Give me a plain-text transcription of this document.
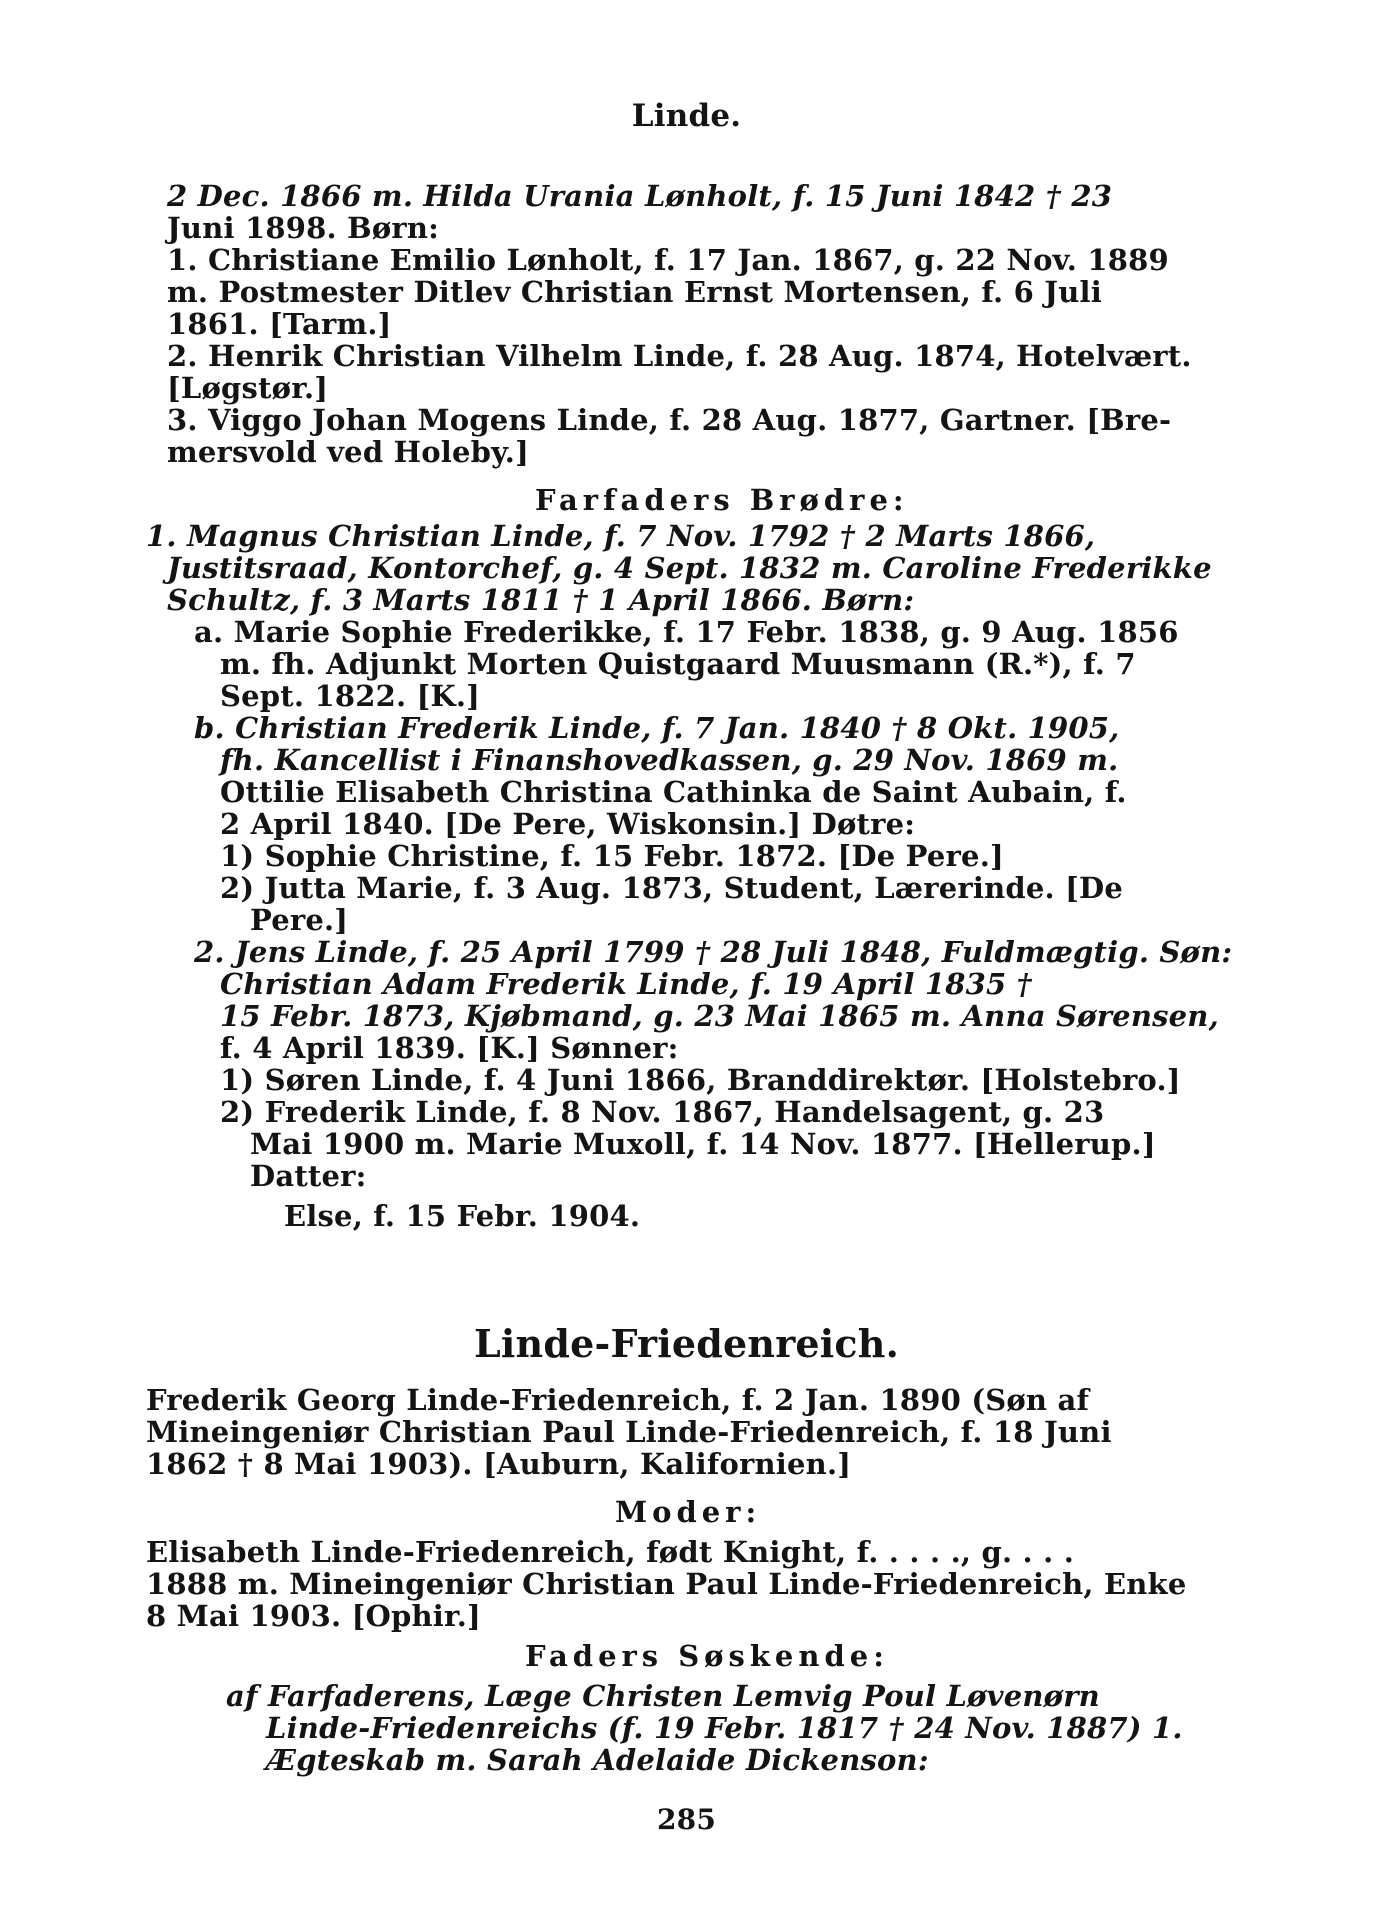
Linde.
2 Dec. 1866 m. Hilda Urania Lønholt, f. 15 Juni 1842 † 23
Juni 1898. Børn:
1. Christiane Emilio Lønholt, f. 17 Jan. 1867, g. 22 Nov. 1889
m. Postmester Ditlev Christian Ernst Mortensen, f. 6 Juli
1861. [Tarm.]
2. Henrik Christian Vilhelm Linde, f. 28 Aug. 1874, Hotelvært.
[Løgstør.]
3. Viggo Johan Mogens Linde, f. 28 Aug. 1877, Gartner. [Bre-
mersvold ved Holeby.]
Farfaders Brødre:
1. Magnus Christian Linde, f. 7 Nov. 1792 † 2 Marts 1866,
Justitsraad, Kontorchef, g. 4 Sept. 1832 m. Caroline Frederikke
Schultz, f. 3 Marts 1811 † 1 April 1866. Børn:
a. Marie Sophie Frederikke, f. 17 Febr. 1838, g. 9 Aug. 1856
m. fh. Adjunkt Morten Quistgaard Muusmann (R.*), f. 7
Sept. 1822. [K.]
b. Christian Frederik Linde, f. 7 Jan. 1840 † 8 Okt. 1905,
fh. Kancellist i Finanshovedkassen, g. 29 Nov. 1869 m.
Ottilie Elisabeth Christina Cathinka de Saint Aubain, f.
2 April 1840. [De Pere, Wiskonsin.] Døtre:
1) Sophie Christine, f. 15 Febr. 1872. [De Pere.]
2) Jutta Marie, f. 3 Aug. 1873, Student, Lærerinde. [De
Pere.]
2. Jens Linde, f. 25 April 1799 † 28 Juli 1848, Fuldmægtig. Søn:
Christian Adam Frederik Linde, f. 19 April 1835 †
15 Febr. 1873, Kjøbmand, g. 23 Mai 1865 m. Anna Sørensen,
f. 4 April 1839. [K.] Sønner:
1) Søren Linde, f. 4 Juni 1866, Branddirektør. [Holstebro.]
2) Frederik Linde, f. 8 Nov. 1867, Handelsagent, g. 23
Mai 1900 m. Marie Muxoll, f. 14 Nov. 1877. [Hellerup.]
Datter:
Else, f. 15 Febr. 1904.
Linde-Friedenreich.
Frederik Georg Linde-Friedenreich, f. 2 Jan. 1890 (Søn af
Mineingeniør Christian Paul Linde-Friedenreich, f. 18 Juni
1862 † 8 Mai 1903). [Auburn, Kalifornien.]
Moder:
Elisabeth Linde-Friedenreich, født Knight, f. . . . ., g. . . .
1888 m. Mineingeniør Christian Paul Linde-Friedenreich, Enke
8 Mai 1903. [Ophir.]
Faders Søskende:
af Farfaderens, Læge Christen Lemvig Poul Løvenørn
Linde-Friedenreichs (f. 19 Febr. 1817 † 24 Nov. 1887) 1.
Ægteskab m. Sarah Adelaide Dickenson:
285
